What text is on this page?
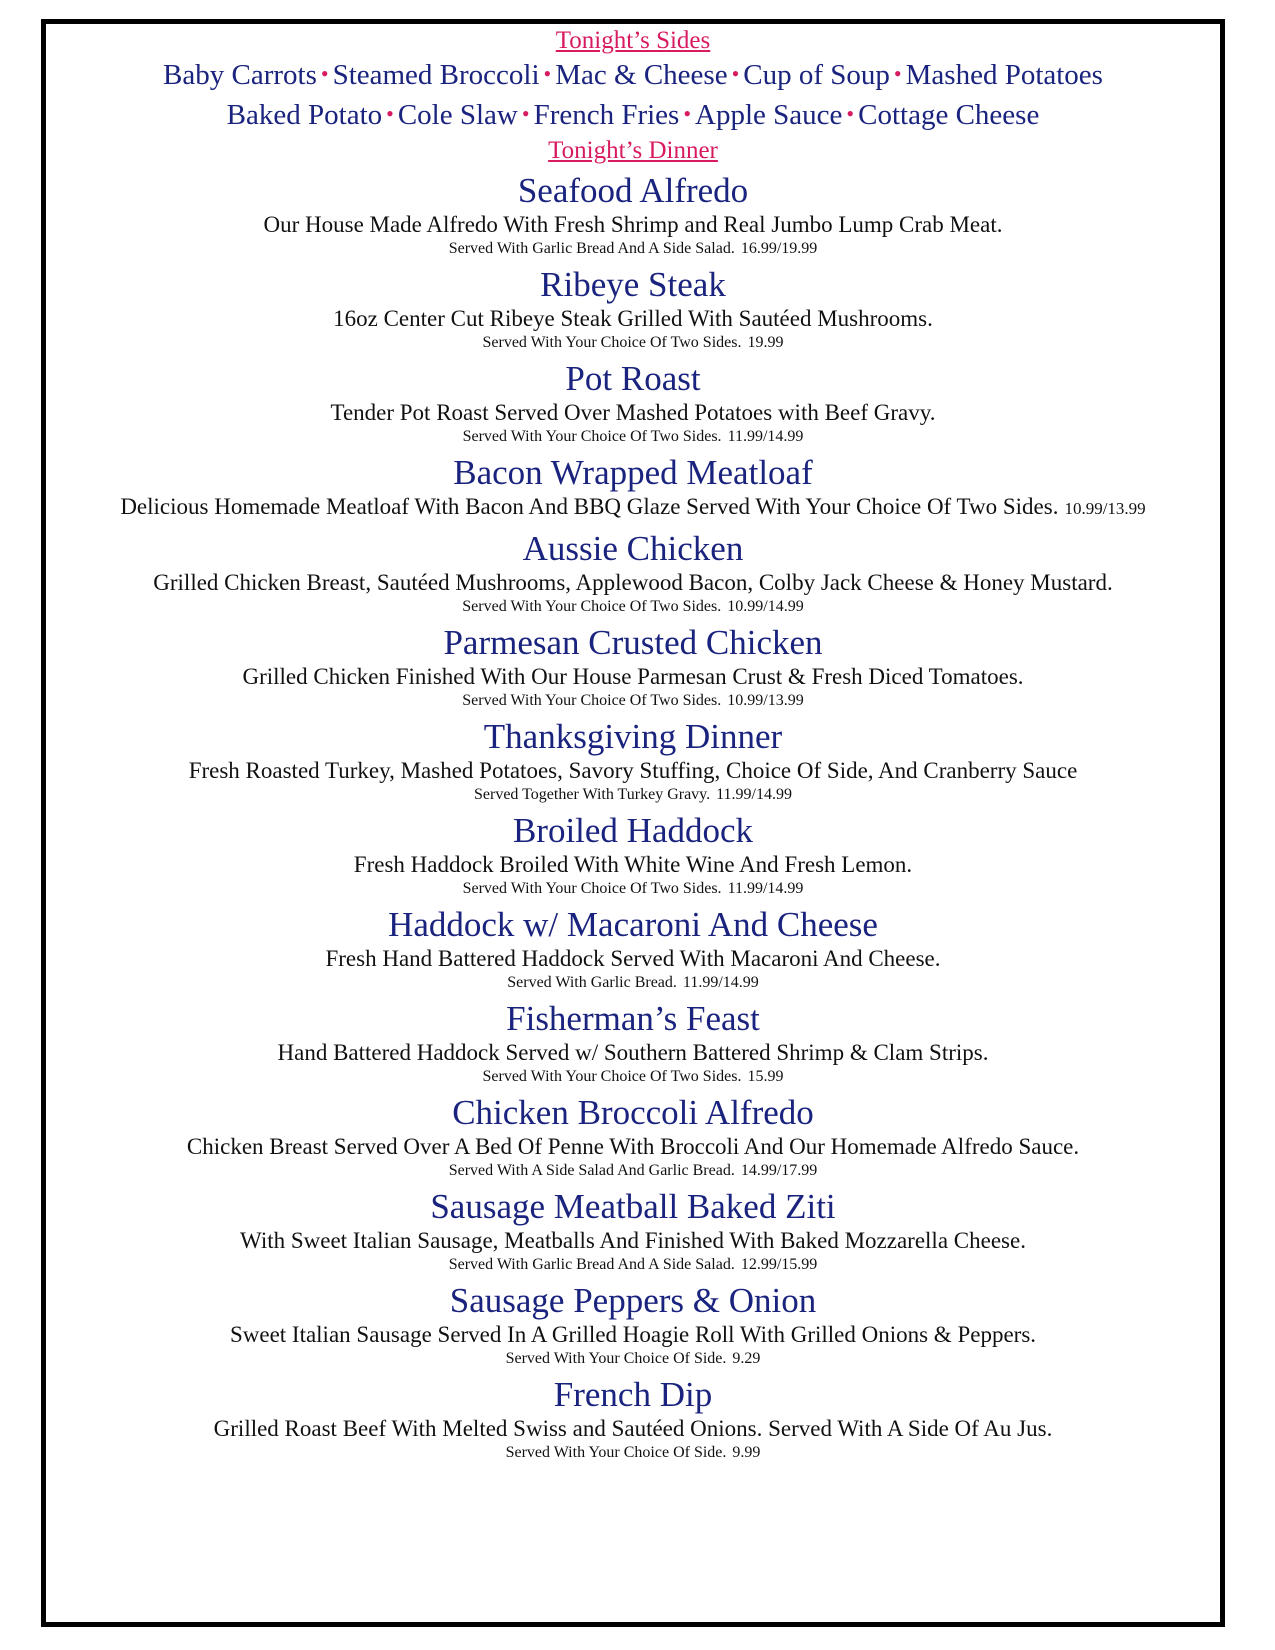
Tonight’s Sides
Baby Carrots • Steamed Broccoli • Mac & Cheese • Cup of Soup • Mashed Potatoes
Baked Potato • Cole Slaw • French Fries • Apple Sauce • Cottage Cheese
Tonight’s Dinner
Seafood Alfredo
Our House Made Alfredo With Fresh Shrimp and Real Jumbo Lump Crab Meat.
Served With Garlic Bread And A Side Salad. 16.99/19.99
Ribeye Steak
16oz Center Cut Ribeye Steak Grilled With Sautéed Mushrooms.
Served With Your Choice Of Two Sides. 19.99
Pot Roast
Tender Pot Roast Served Over Mashed Potatoes with Beef Gravy.
Served With Your Choice Of Two Sides. 11.99/14.99
Bacon Wrapped Meatloaf
Delicious Homemade Meatloaf With Bacon And BBQ Glaze Served With Your Choice Of Two Sides. 10.99/13.99
Aussie Chicken
Grilled Chicken Breast, Sautéed Mushrooms, Applewood Bacon, Colby Jack Cheese & Honey Mustard.
Served With Your Choice Of Two Sides. 10.99/14.99
Parmesan Crusted Chicken
Grilled Chicken Finished With Our House Parmesan Crust & Fresh Diced Tomatoes.
Served With Your Choice Of Two Sides. 10.99/13.99
Thanksgiving Dinner
Fresh Roasted Turkey, Mashed Potatoes, Savory Stuffing, Choice Of Side, And Cranberry Sauce
Served Together With Turkey Gravy. 11.99/14.99
Broiled Haddock
Fresh Haddock Broiled With White Wine And Fresh Lemon.
Served With Your Choice Of Two Sides. 11.99/14.99
Haddock w/ Macaroni And Cheese
Fresh Hand Battered Haddock Served With Macaroni And Cheese.
Served With Garlic Bread. 11.99/14.99
Fisherman’s Feast
Hand Battered Haddock Served w/ Southern Battered Shrimp & Clam Strips.
Served With Your Choice Of Two Sides. 15.99
Chicken Broccoli Alfredo
Chicken Breast Served Over A Bed Of Penne With Broccoli And Our Homemade Alfredo Sauce.
Served With A Side Salad And Garlic Bread. 14.99/17.99
Sausage Meatball Baked Ziti
With Sweet Italian Sausage, Meatballs And Finished With Baked Mozzarella Cheese.
Served With Garlic Bread And A Side Salad. 12.99/15.99
Sausage Peppers & Onion
Sweet Italian Sausage Served In A Grilled Hoagie Roll With Grilled Onions & Peppers.
Served With Your Choice Of Side. 9.29
French Dip
Grilled Roast Beef With Melted Swiss and Sautéed Onions. Served With A Side Of Au Jus.
Served With Your Choice Of Side. 9.99
